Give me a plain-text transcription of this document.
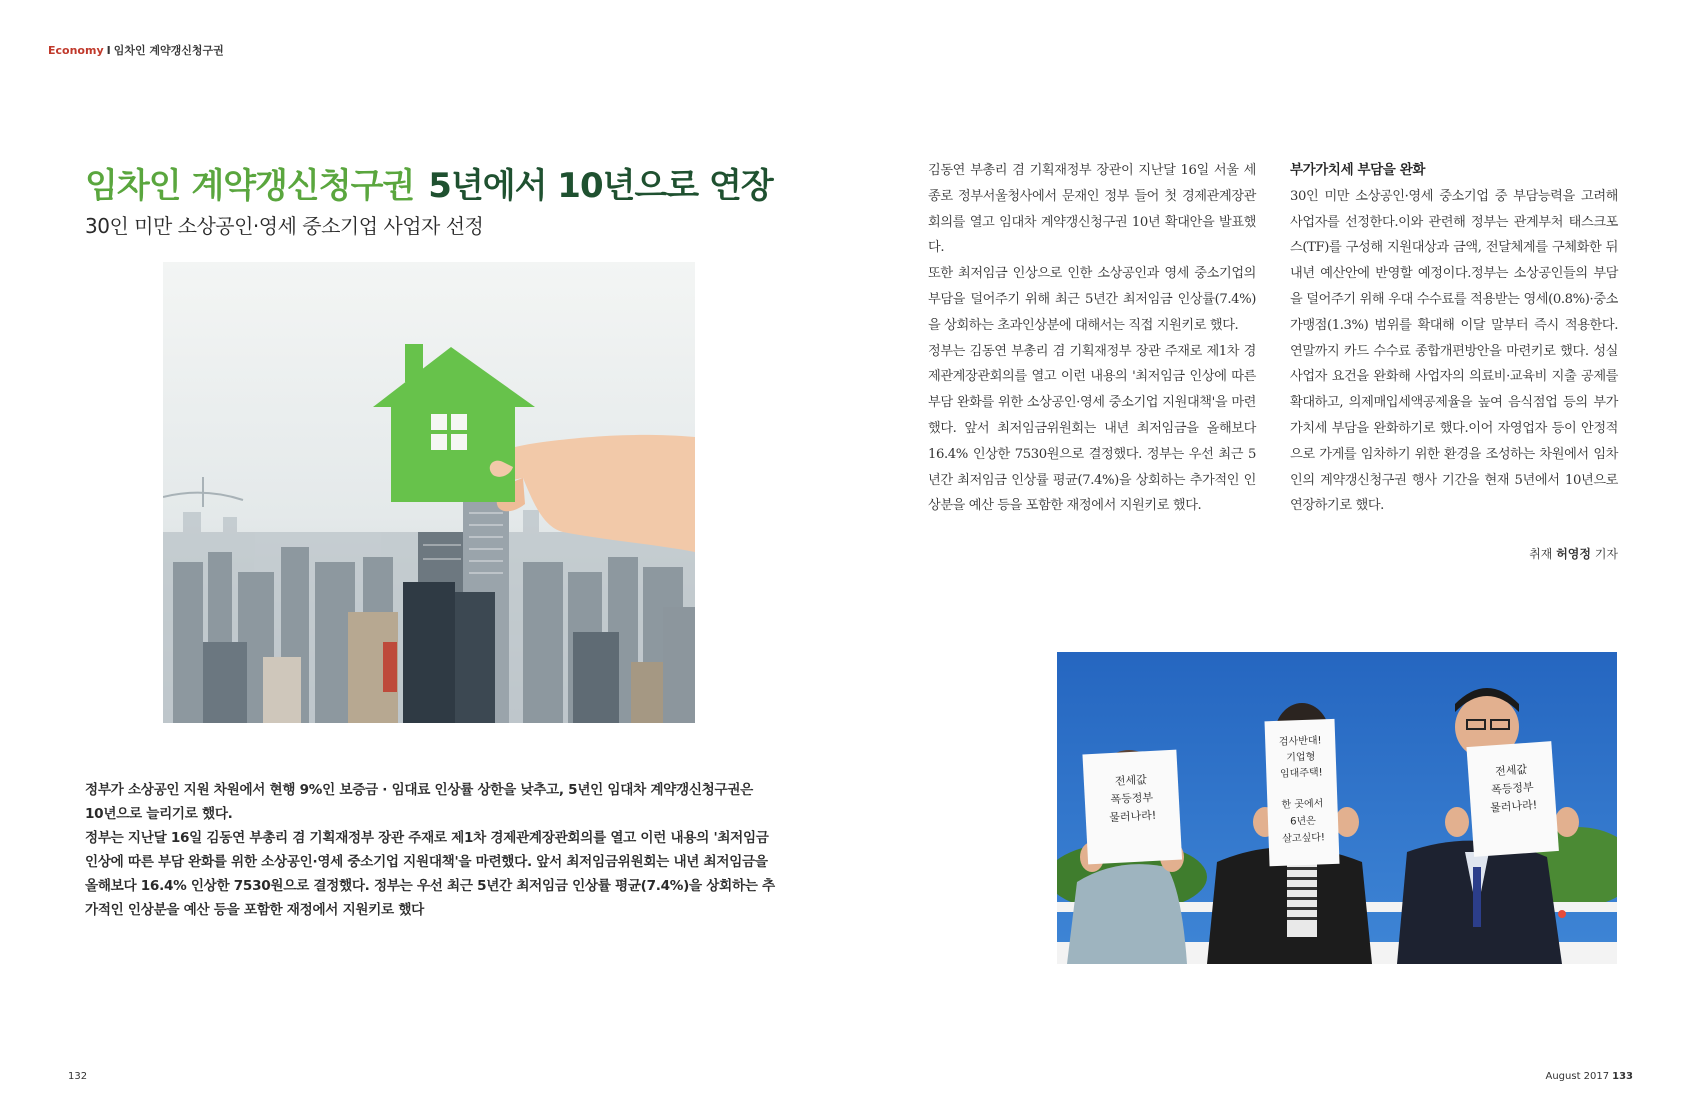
Economy I 임차인 계약갱신청구권
임차인 계약갱신청구권 5년에서 10년으로 연장
30인 미만 소상공인·영세 중소기업 사업자 선정

정부가 소상공인 지원 차원에서 현행 9%인 보증금 · 임대료 인상률 상한을 낮추고, 5년인 임대차 계약갱신청구권은 10년으로 늘리기로 했다.

정부는 지난달 16일 김동연 부총리 겸 기획재정부 장관 주재로 제1차 경제관계장관회의를 열고 이런 내용의 '최저임금 인상에 따른 부담 완화를 위한 소상공인·영세 중소기업 지원대책'을 마련했다. 앞서 최저임금위원회는 내년 최저임금을 올해보다 16.4% 인상한 7530원으로 결정했다. 정부는 우선 최근 5년간 최저임금 인상률 평균(7.4%)을 상회하는 추가적인 인상분을 예산 등을 포함한 재정에서 지원키로 했다

김동연 부총리 겸 기획재정부 장관이 지난달 16일 서울 세종로 정부서울청사에서 문재인 정부 들어 첫 경제관계장관회의를 열고 임대차 계약갱신청구권 10년 확대안을 발표했다.

또한 최저임금 인상으로 인한 소상공인과 영세 중소기업의 부담을 덜어주기 위해 최근 5년간 최저임금 인상률(7.4%)을 상회하는 초과인상분에 대해서는 직접 지원키로 했다.

정부는 김동연 부총리 겸 기획재정부 장관 주재로 제1차 경제관계장관회의를 열고 이런 내용의 '최저임금 인상에 따른 부담 완화를 위한 소상공인·영세 중소기업 지원대책'을 마련했다. 앞서 최저임금위원회는 내년 최저임금을 올해보다 16.4% 인상한 7530원으로 결정했다. 정부는 우선 최근 5년간 최저임금 인상률 평균(7.4%)을 상회하는 추가적인 인상분을 예산 등을 포함한 재정에서 지원키로 했다.

부가가치세 부담을 완화

30인 미만 소상공인·영세 중소기업 중 부담능력을 고려해 사업자를 선정한다.이와 관련해 정부는 관계부처 태스크포스(TF)를 구성해 지원대상과 금액, 전달체계를 구체화한 뒤 내년 예산안에 반영할 예정이다.정부는 소상공인들의 부담을 덜어주기 위해 우대 수수료를 적용받는 영세(0.8%)·중소가맹점(1.3%) 범위를 확대해 이달 말부터 즉시 적용한다. 연말까지 카드 수수료 종합개편방안을 마련키로 했다. 성실 사업자 요건을 완화해 사업자의 의료비·교육비 지출 공제를 확대하고, 의제매입세액공제율을 높여 음식점업 등의 부가가치세 부담을 완화하기로 했다.이어 자영업자 등이 안정적으로 가게를 임차하기 위한 환경을 조성하는 차원에서 임차인의 계약갱신청구권 행사 기간을 현재 5년에서 10년으로 연장하기로 했다.

취재 허영정 기자
전세값
폭등정부
물러나라!
검사반대!
기업형
임대주택!
한 곳에서
6년은
살고싶다!
전세값
폭등정부
물러나라!
132	August 2017 133
